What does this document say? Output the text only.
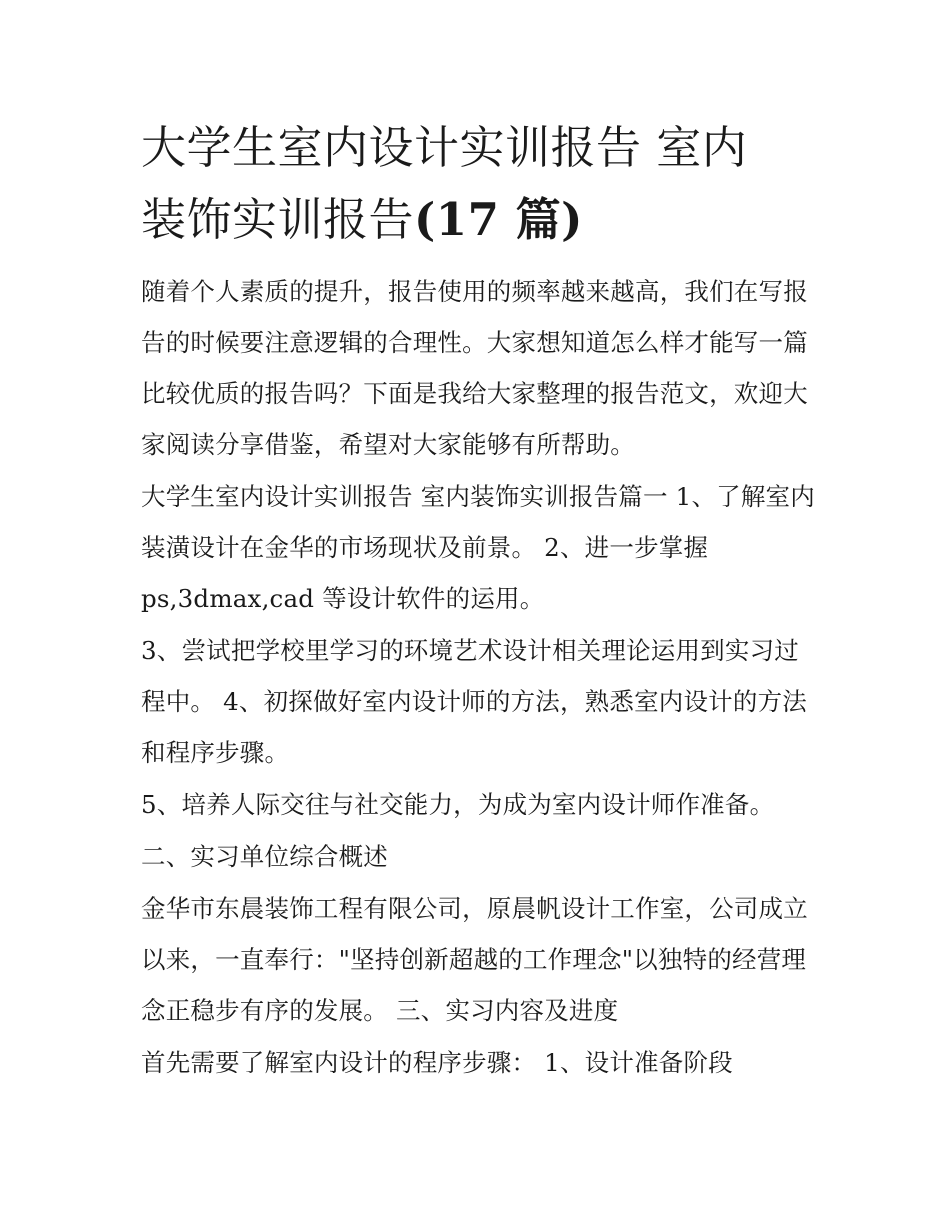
大学生室内设计实训报告 室内
装饰实训报告(17 篇)

随着个人素质的提升，报告使用的频率越来越高，我们在写报告的时候要注意逻辑的合理性。大家想知道怎么样才能写一篇比较优质的报告吗？下面是我给大家整理的报告范文，欢迎大家阅读分享借鉴，希望对大家能够有所帮助。

大学生室内设计实训报告 室内装饰实训报告篇一 1、了解室内装潢设计在金华的市场现状及前景。 2、进一步掌握

ps,3dmax,cad 等设计软件的运用。

3、尝试把学校里学习的环境艺术设计相关理论运用到实习过程中。 4、初探做好室内设计师的方法，熟悉室内设计的方法和程序步骤。

5、培养人际交往与社交能力，为成为室内设计师作准备。

二、实习单位综合概述

金华市东晨装饰工程有限公司，原晨帆设计工作室，公司成立以来，一直奉行："坚持创新超越的工作理念"以独特的经营理念正稳步有序的发展。 三、实习内容及进度

首先需要了解室内设计的程序步骤： 1、设计准备阶段
